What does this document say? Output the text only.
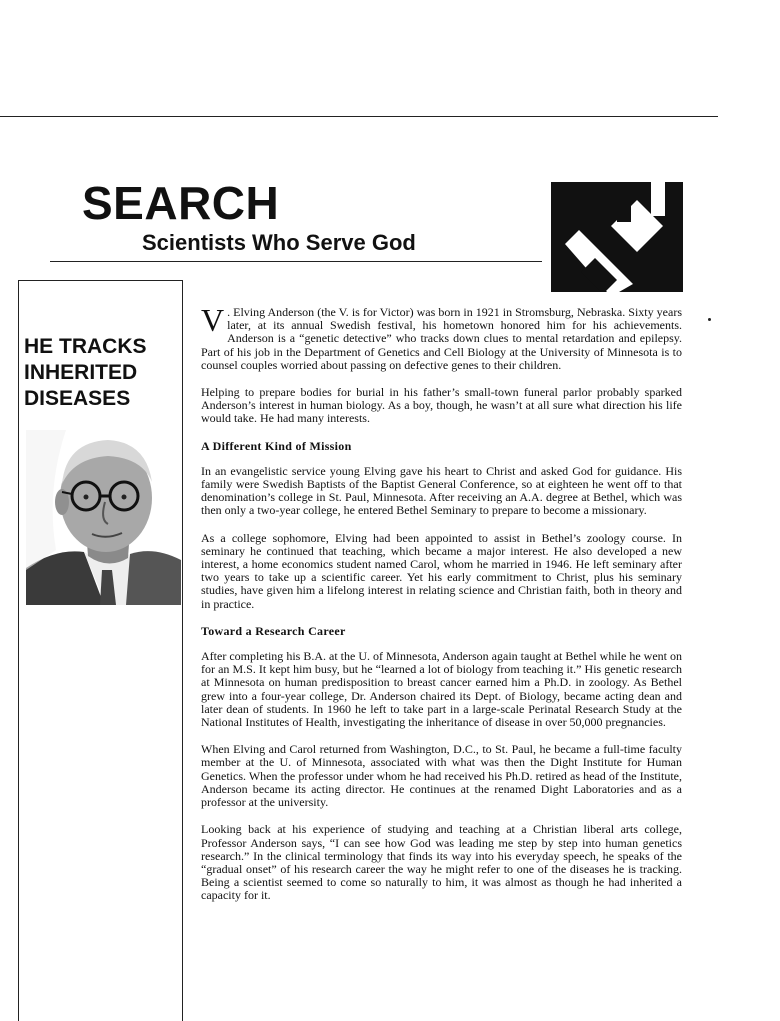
SEARCH
Scientists Who Serve God
HE TRACKS
INHERITED
DISEASES

V . Elving Anderson (the V. is for Victor) was born in 1921 in Stromsburg, Nebraska. Sixty years later, at its annual Swedish festival, his hometown honored him for his achievements. Anderson is a “genetic detective” who tracks down clues to mental retardation and epilepsy. Part of his job in the Department of Genetics and Cell Biology at the University of Minnesota is to counsel couples worried about passing on defective genes to their children.

Helping to prepare bodies for burial in his father’s small-town funeral parlor probably sparked Anderson’s interest in human biology. As a boy, though, he wasn’t at all sure what direction his life would take. He had many interests.

A Different Kind of Mission

In an evangelistic service young Elving gave his heart to Christ and asked God for guidance. His family were Swedish Baptists of the Baptist General Conference, so at eighteen he went off to that denomination’s college in St. Paul, Minnesota. After receiving an A.A. degree at Bethel, which was then only a two-year college, he entered Bethel Seminary to prepare to become a missionary.

As a college sophomore, Elving had been appointed to assist in Bethel’s zoology course. In seminary he continued that teaching, which became a major interest. He also developed a new interest, a home economics student named Carol, whom he married in 1946. He left seminary after two years to take up a scientific career. Yet his early commitment to Christ, plus his seminary studies, have given him a lifelong interest in relating science and Christian faith, both in theory and in practice.

Toward a Research Career

After completing his B.A. at the U. of Minnesota, Anderson again taught at Bethel while he went on for an M.S. It kept him busy, but he “learned a lot of biology from teaching it.” His genetic research at Minnesota on human predisposition to breast cancer earned him a Ph.D. in zoology. As Bethel grew into a four-year college, Dr. Anderson chaired its Dept. of Biology, became acting dean and later dean of students. In 1960 he left to take part in a large-scale Perinatal Research Study at the National Institutes of Health, investigating the inheritance of disease in over 50,000 pregnancies.

When Elving and Carol returned from Washington, D.C., to St. Paul, he became a full-time faculty member at the U. of Minnesota, associated with what was then the Dight Institute for Human Genetics. When the professor under whom he had received his Ph.D. retired as head of the Institute, Anderson became its acting director. He continues at the renamed Dight Laboratories and as a professor at the university.

Looking back at his experience of studying and teaching at a Christian liberal arts college, Professor Anderson says, “I can see how God was leading me step by step into human genetics research.” In the clinical terminology that finds its way into his everyday speech, he speaks of the “gradual onset” of his research career the way he might refer to one of the diseases he is tracking. Being a scientist seemed to come so naturally to him, it was almost as though he had inherited a capacity for it.
